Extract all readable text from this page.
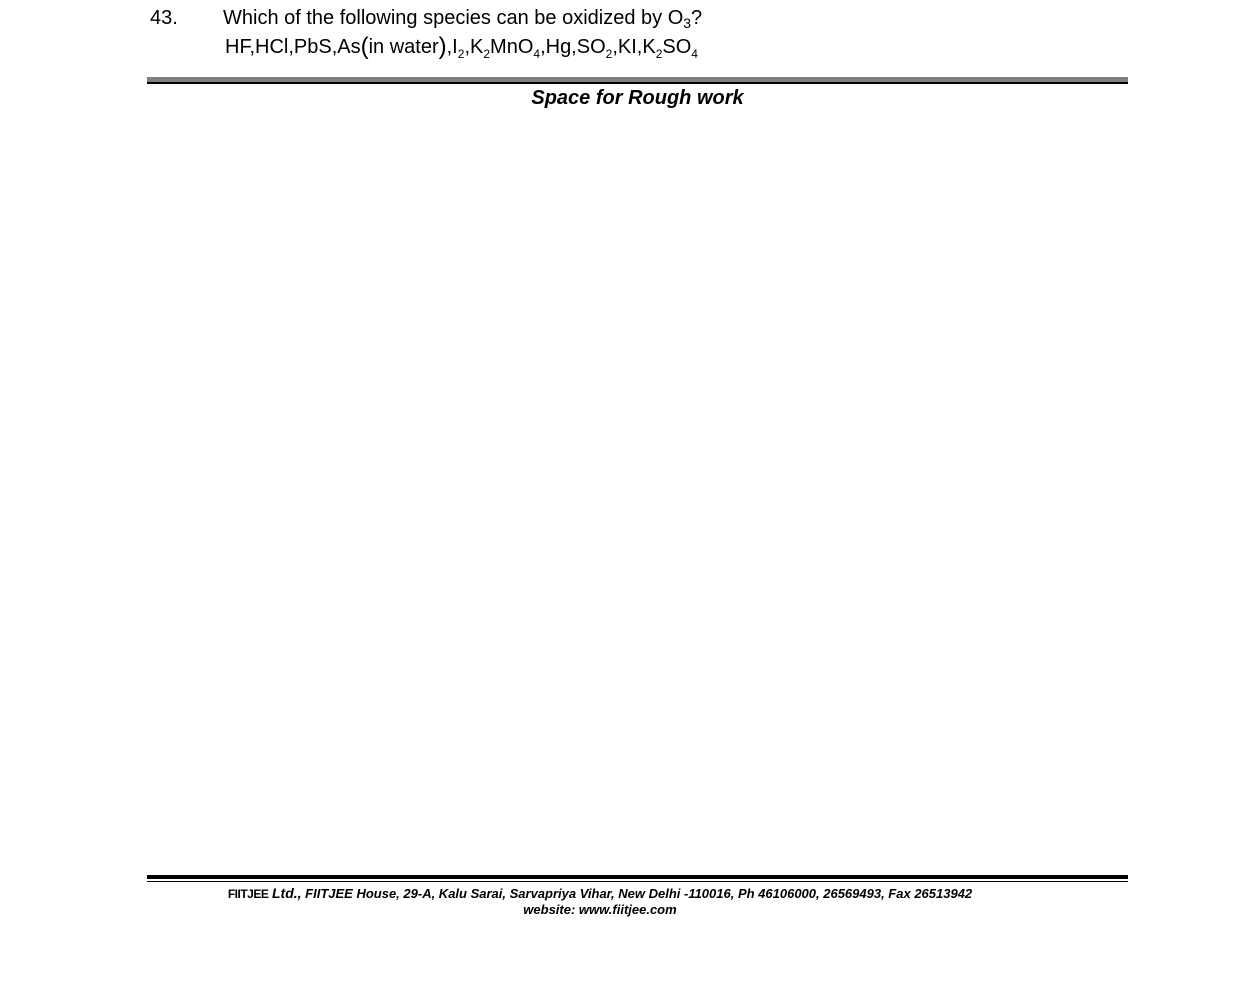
43. Which of the following species can be oxidized by $O_3$?
HF,HCl,PbS,As(in $water),I_2,K_2MnO_4,Hg,SO_2,KI,K_2SO_4$
Space for Rough work
FIITJEE Ltd., FIITJEE House, 29-A, Kalu Sarai, Sarvapriya Vihar, New Delhi -110016, Ph 46106000, 26569493, Fax 26513942
website: www.fiitjee.com
